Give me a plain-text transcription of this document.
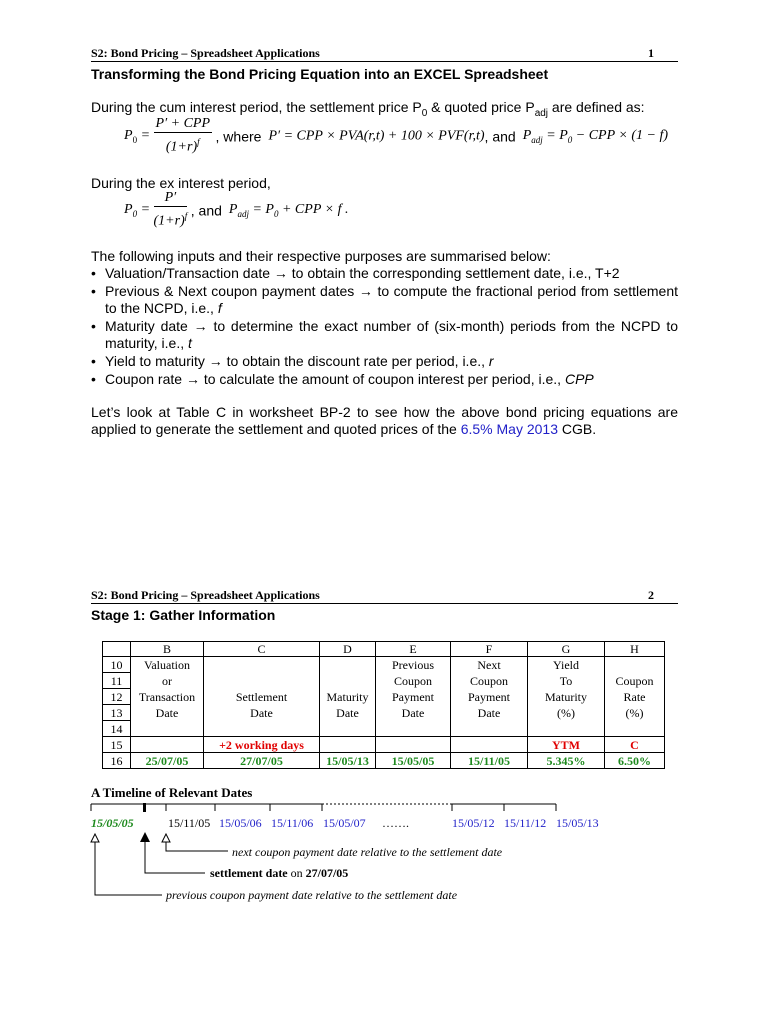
S2: Bond Pricing – Spreadsheet Applications	1
Transforming the Bond Pricing Equation into an EXCEL Spreadsheet
During the cum interest period, the settlement price $P_0$ & quoted price $P_{adj}$ are defined as:
$P_0 = \frac{\text{P′ + CPP}}{(1+r)^f}$ , where  P′ = CPP × PVA(r,t) + 100 × PVF(r,t), and  $P_{adj} = P_0$ − CPP × (1 − f)
During the ex interest period,
$P_0 = \frac{P'}{(1+r)^f}$ , and  $P_{adj} = P_0$ + CPP × f .
The following inputs and their respective purposes are summarised below:
• Valuation/Transaction date → to obtain the corresponding settlement date, i.e., T+2
• Previous & Next coupon payment dates → to compute the fractional period from settlement to the NCPD, i.e., f
• Maturity date → to determine the exact number of (six-month) periods from the NCPD to maturity, i.e., t
• Yield to maturity → to obtain the discount rate per period, i.e., r
• Coupon rate → to calculate the amount of coupon interest per period, i.e., CPP
Let’s look at Table C in worksheet BP-2 to see how the above bond pricing equations are applied to generate the settlement and quoted prices of the 6.5% May 2013 CGB.
S2: Bond Pricing – Spreadsheet Applications	2
Stage 1: Gather Information
	B	C	D	E	F	G	H
10	Valuation			Previous	Next	Yield	
11	or			Coupon	Coupon	To	Coupon
12	Transaction	Settlement	Maturity	Payment	Payment	Maturity	Rate
13	Date	Date	Date	Date	Date	(%)	(%)
14							
15		+2 working days				YTM	C
16	25/07/05	27/07/05	15/05/13	15/05/05	15/11/05	5.345%	6.50%
A Timeline of Relevant Dates
15/05/05	15/11/05 15/05/06 15/11/06 15/05/07 …….	15/05/12 15/11/12 15/05/13
next coupon payment date relative to the settlement date
settlement date on 27/07/05
previous coupon payment date relative to the settlement date
